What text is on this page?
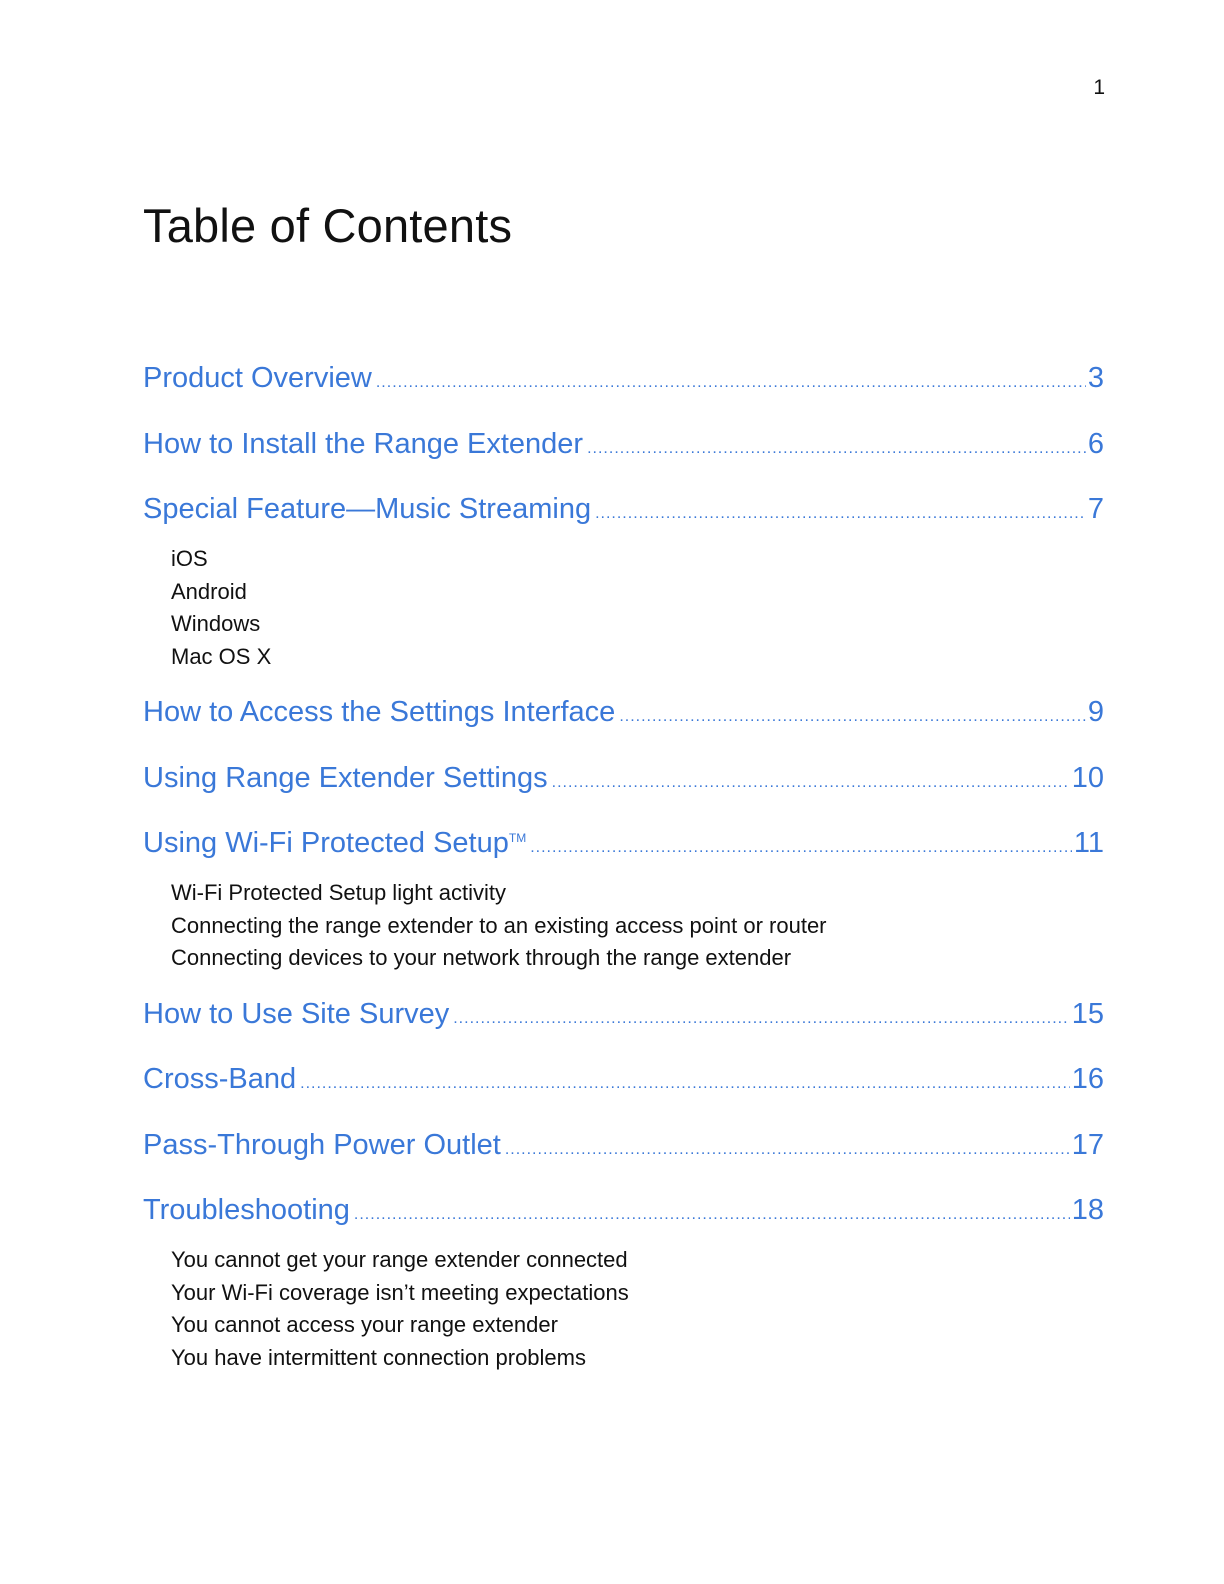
1
Table of Contents
Product Overview .....	3
How to Install the Range Extender .....	6
Special Feature—Music Streaming .....	7
iOS
Android
Windows
Mac OS X
How to Access the Settings Interface .....	9
Using Range Extender Settings .....	10
Using Wi-Fi Protected Setup™ .....	11
Wi-Fi Protected Setup light activity
Connecting the range extender to an existing access point or router
Connecting devices to your network through the range extender
How to Use Site Survey .....	15
Cross-Band .....	16
Pass-Through Power Outlet .....	17
Troubleshooting .....	18
You cannot get your range extender connected
Your Wi-Fi coverage isn’t meeting expectations
You cannot access your range extender
You have intermittent connection problems
